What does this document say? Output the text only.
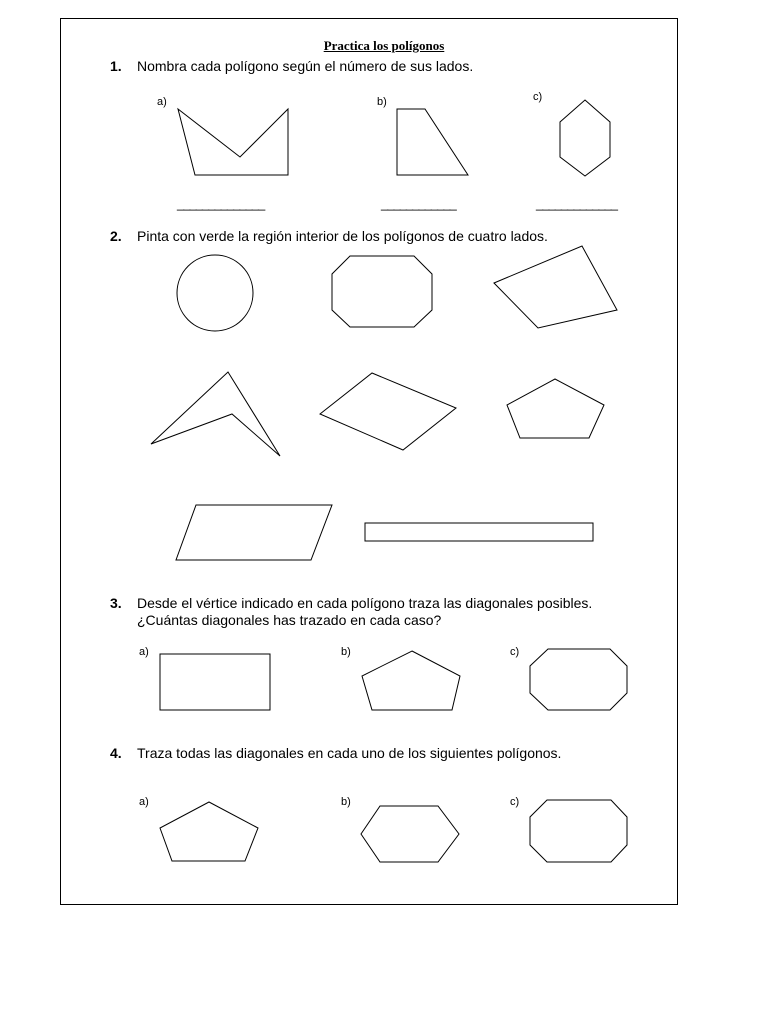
Practica los polígonos
1. Nombra cada polígono según el número de sus lados.
a)	b)	c)
______________	____________	_____________
2. Pinta con verde la región interior de los polígonos de cuatro lados.
3. Desde el vértice indicado en cada polígono traza las diagonales posibles.
¿Cuántas diagonales has trazado en cada caso?
a)	b)	c)
4. Traza todas las diagonales en cada uno de los siguientes polígonos.
a)	b)	c)
